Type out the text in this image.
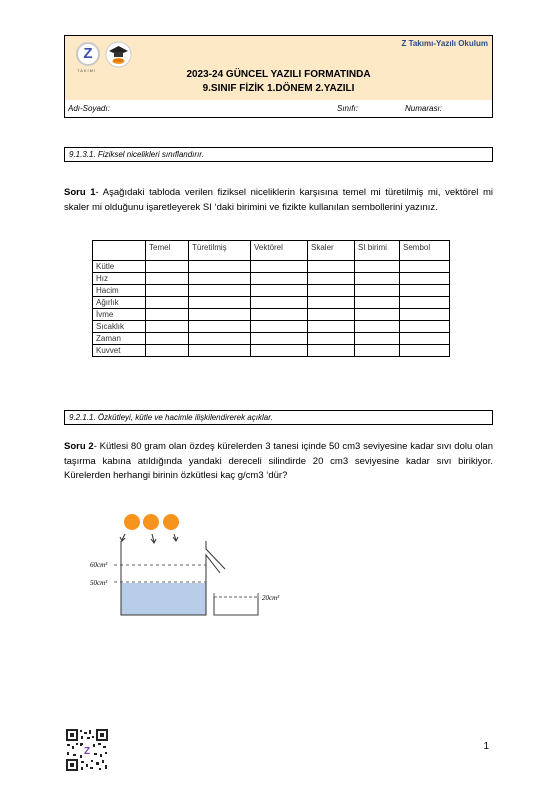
Z
TAKIMI
Z Takımı-Yazılı Okulum
2023-24 GÜNCEL YAZILI FORMATINDA
9.SINIF FİZİK 1.DÖNEM 2.YAZILI
Adı-Soyadı:	Sınıfı:	Numarası:
9.1.3.1. Fiziksel nicelikleri sınıflandırır.
Soru 1- Aşağıdaki tabloda verilen fiziksel niceliklerin karşısına temel mi türetilmiş mi, vektörel mi skaler mi olduğunu işaretleyerek SI ‘daki birimini ve fizikte kullanılan sembollerini yazınız.
	Temel	Türetilmiş	Vektörel	Skaler	SI birimi	Sembol
Kütle						
Hız						
Hacim						
Ağırlık						
İvme						
Sıcaklık						
Zaman						
Kuvvet						
9.2.1.1. Özkütleyi, kütle ve hacimle ilişkilendirerek açıklar.
Soru 2- Kütlesi 80 gram olan özdeş kürelerden 3 tanesi içinde 50 cm3 seviyesine kadar sıvı dolu olan taşırma kabına atıldığında yandaki dereceli silindirde 20 cm3 seviyesine kadar sıvı birikiyor. Kürelerden herhangi birinin özkütlesi kaç g/cm3 ‘dür?
60cm³
50cm³
20cm³
Z	1
